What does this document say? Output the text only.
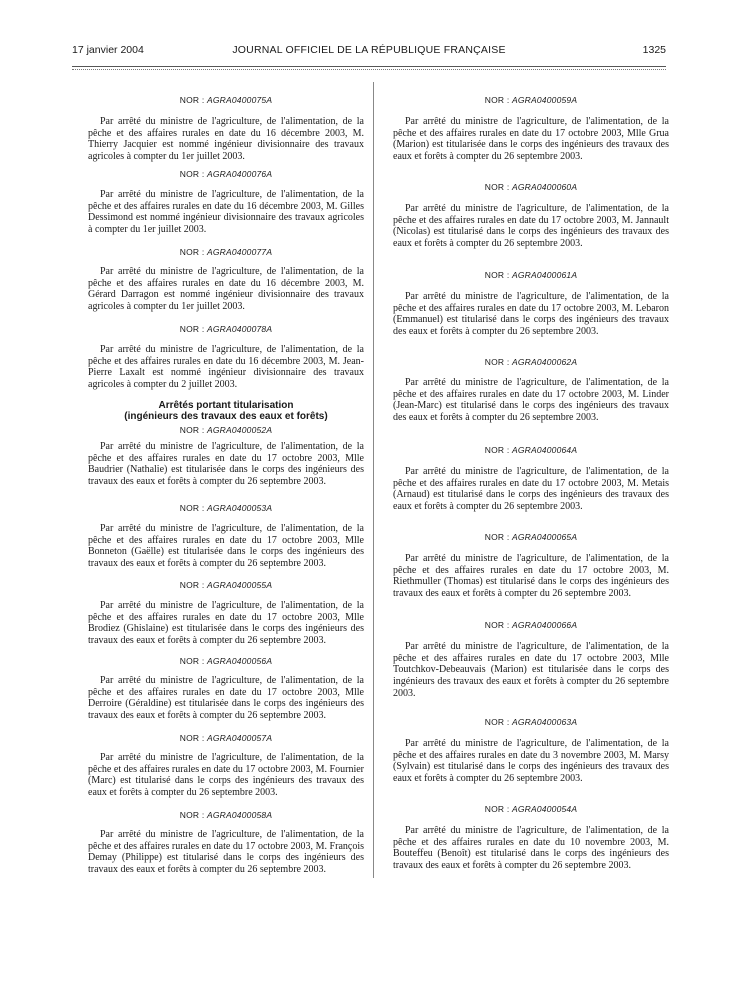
17 janvier 2004	JOURNAL OFFICIEL DE LA RÉPUBLIQUE FRANÇAISE	1325
NOR : AGRA0400075A

Par arrêté du ministre de l'agriculture, de l'alimentation, de la pêche et des affaires rurales en date du 16 décembre 2003, M. Thierry Jacquier est nommé ingénieur divisionnaire des travaux agricoles à compter du 1er juillet 2003.

NOR : AGRA0400076A

Par arrêté du ministre de l'agriculture, de l'alimentation, de la pêche et des affaires rurales en date du 16 décembre 2003, M. Gilles Dessimond est nommé ingénieur divisionnaire des travaux agricoles à compter du 1er juillet 2003.

NOR : AGRA0400077A

Par arrêté du ministre de l'agriculture, de l'alimentation, de la pêche et des affaires rurales en date du 16 décembre 2003, M. Gérard Darragon est nommé ingénieur divisionnaire des travaux agricoles à compter du 1er juillet 2003.

NOR : AGRA0400078A

Par arrêté du ministre de l'agriculture, de l'alimentation, de la pêche et des affaires rurales en date du 16 décembre 2003, M. Jean-Pierre Laxalt est nommé ingénieur divisionnaire des travaux agricoles à compter du 2 juillet 2003.

Arrêtés portant titularisation
(ingénieurs des travaux des eaux et forêts)
NOR : AGRA0400052A

Par arrêté du ministre de l'agriculture, de l'alimentation, de la pêche et des affaires rurales en date du 17 octobre 2003, Mlle Baudrier (Nathalie) est titularisée dans le corps des ingénieurs des travaux des eaux et forêts à compter du 26 septembre 2003.

NOR : AGRA0400053A

Par arrêté du ministre de l'agriculture, de l'alimentation, de la pêche et des affaires rurales en date du 17 octobre 2003, Mlle Bonneton (Gaëlle) est titularisée dans le corps des ingénieurs des travaux des eaux et forêts à compter du 26 septembre 2003.

NOR : AGRA0400055A

Par arrêté du ministre de l'agriculture, de l'alimentation, de la pêche et des affaires rurales en date du 17 octobre 2003, Mlle Brodiez (Ghislaine) est titularisée dans le corps des ingénieurs des travaux des eaux et forêts à compter du 26 septembre 2003.

NOR : AGRA0400056A

Par arrêté du ministre de l'agriculture, de l'alimentation, de la pêche et des affaires rurales en date du 17 octobre 2003, Mlle Derroire (Géraldine) est titularisée dans le corps des ingénieurs des travaux des eaux et forêts à compter du 26 septembre 2003.

NOR : AGRA0400057A

Par arrêté du ministre de l'agriculture, de l'alimentation, de la pêche et des affaires rurales en date du 17 octobre 2003, M. Fournier (Marc) est titularisé dans le corps des ingénieurs des travaux des eaux et forêts à compter du 26 septembre 2003.

NOR : AGRA0400058A

Par arrêté du ministre de l'agriculture, de l'alimentation, de la pêche et des affaires rurales en date du 17 octobre 2003, M. François Demay (Philippe) est titularisé dans le corps des ingénieurs des travaux des eaux et forêts à compter du 26 septembre 2003.

NOR : AGRA0400059A

Par arrêté du ministre de l'agriculture, de l'alimentation, de la pêche et des affaires rurales en date du 17 octobre 2003, Mlle Grua (Marion) est titularisée dans le corps des ingénieurs des travaux des eaux et forêts à compter du 26 septembre 2003.

NOR : AGRA0400060A

Par arrêté du ministre de l'agriculture, de l'alimentation, de la pêche et des affaires rurales en date du 17 octobre 2003, M. Jannault (Nicolas) est titularisé dans le corps des ingénieurs des travaux des eaux et forêts à compter du 26 septembre 2003.

NOR : AGRA0400061A

Par arrêté du ministre de l'agriculture, de l'alimentation, de la pêche et des affaires rurales en date du 17 octobre 2003, M. Lebaron (Emmanuel) est titularisé dans le corps des ingénieurs des travaux des eaux et forêts à compter du 26 septembre 2003.

NOR : AGRA0400062A

Par arrêté du ministre de l'agriculture, de l'alimentation, de la pêche et des affaires rurales en date du 17 octobre 2003, M. Linder (Jean-Marc) est titularisé dans le corps des ingénieurs des travaux des eaux et forêts à compter du 26 septembre 2003.

NOR : AGRA0400064A

Par arrêté du ministre de l'agriculture, de l'alimentation, de la pêche et des affaires rurales en date du 17 octobre 2003, M. Metais (Arnaud) est titularisé dans le corps des ingénieurs des travaux des eaux et forêts à compter du 26 septembre 2003.

NOR : AGRA0400065A

Par arrêté du ministre de l'agriculture, de l'alimentation, de la pêche et des affaires rurales en date du 17 octobre 2003, M. Riethmuller (Thomas) est titularisé dans le corps des ingénieurs des travaux des eaux et forêts à compter du 26 septembre 2003.

NOR : AGRA0400066A

Par arrêté du ministre de l'agriculture, de l'alimentation, de la pêche et des affaires rurales en date du 17 octobre 2003, Mlle Toutchkov-Debeauvais (Marion) est titularisée dans le corps des ingénieurs des travaux des eaux et forêts à compter du 26 septembre 2003.

NOR : AGRA0400063A

Par arrêté du ministre de l'agriculture, de l'alimentation, de la pêche et des affaires rurales en date du 3 novembre 2003, M. Marsy (Sylvain) est titularisé dans le corps des ingénieurs des travaux des eaux et forêts à compter du 26 septembre 2003.

NOR : AGRA0400054A

Par arrêté du ministre de l'agriculture, de l'alimentation, de la pêche et des affaires rurales en date du 10 novembre 2003, M. Bouteffeu (Benoît) est titularisé dans le corps des ingénieurs des travaux des eaux et forêts à compter du 26 septembre 2003.
